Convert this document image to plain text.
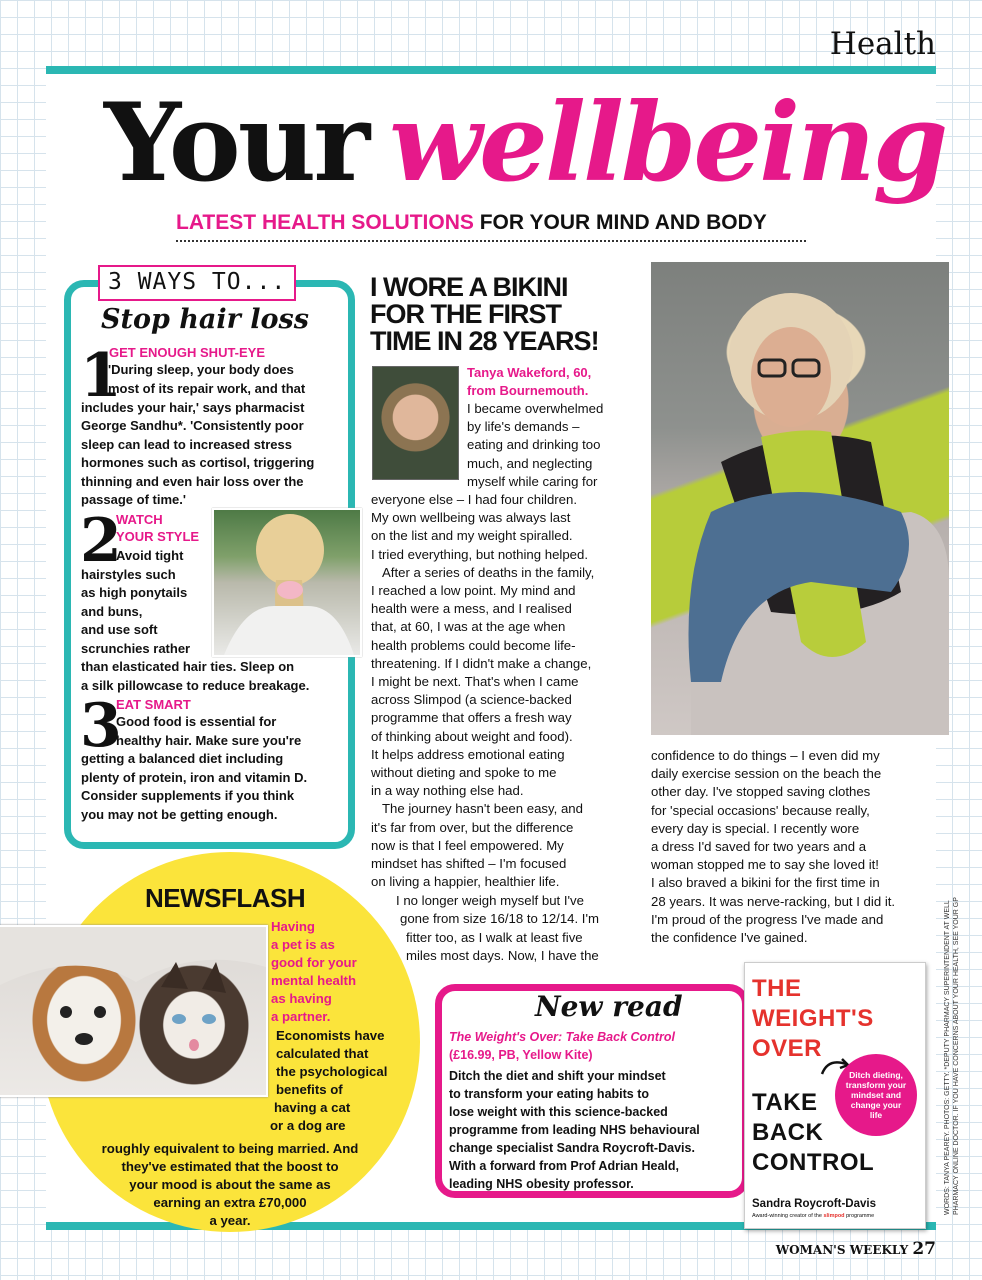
Health
Your wellbeing
LATEST HEALTH SOLUTIONS FOR YOUR MIND AND BODY
3 WAYS TO...
Stop hair loss
1
GET ENOUGH SHUT-EYE
'During sleep, your body does
most of its repair work, and that
includes your hair,' says pharmacist
George Sandhu*. 'Consistently poor
sleep can lead to increased stress
hormones such as cortisol, triggering
thinning and even hair loss over the
passage of time.'
2
WATCH
YOUR STYLE
Avoid tight
hairstyles such
as high ponytails
and buns,
and use soft
scrunchies rather
than elasticated hair ties. Sleep on
a silk pillowcase to reduce breakage.
3
EAT SMART
Good food is essential for
healthy hair. Make sure you're
getting a balanced diet including
plenty of protein, iron and vitamin D.
Consider supplements if you think
you may not be getting enough.
I WORE A BIKINI
FOR THE FIRST
TIME IN 28 YEARS!
Tanya Wakeford, 60,
from Bournemouth.
I became overwhelmed
by life's demands –
eating and drinking too
much, and neglecting
myself while caring for
everyone else – I had four children.
My own wellbeing was always last
on the list and my weight spiralled.
I tried everything, but nothing helped.
After a series of deaths in the family,
I reached a low point. My mind and
health were a mess, and I realised
that, at 60, I was at the age when
health problems could become life-
threatening. If I didn't make a change,
I might be next. That's when I came
across Slimpod (a science-backed
programme that offers a fresh way
of thinking about weight and food).
It helps address emotional eating
without dieting and spoke to me
in a way nothing else had.
The journey hasn't been easy, and
it's far from over, but the difference
now is that I feel empowered. My
mindset has shifted – I'm focused
on living a happier, healthier life.
I no longer weigh myself but I've
gone from size 16/18 to 12/14. I'm
fitter too, as I walk at least five
miles most days. Now, I have the
confidence to do things – I even did my
daily exercise session on the beach the
other day. I've stopped saving clothes
for 'special occasions' because really,
every day is special. I recently wore
a dress I'd saved for two years and a
woman stopped me to say she loved it!
I also braved a bikini for the first time in
28 years. It was nerve-racking, but I did it.
I'm proud of the progress I've made and
the confidence I've gained.
NEWSFLASH
Having
a pet is as
good for your
mental health
as having
a partner.
Economists have
calculated that
the psychological
benefits of
having a cat
or a dog are
roughly equivalent to being married. And
they've estimated that the boost to
your mood is about the same as
earning an extra £70,000
a year.
New read
The Weight's Over: Take Back Control
(£16.99, PB, Yellow Kite)
Ditch the diet and shift your mindset
to transform your eating habits to
lose weight with this science-backed
programme from leading NHS behavioural
change specialist Sandra Roycroft-Davis.
With a forward from Prof Adrian Heald,
leading NHS obesity professor.
THE
WEIGHT'S
OVER
TAKE
BACK
CONTROL
Ditch dieting, transform your mindset and change your life
Sandra Roycroft-Davis
Award-winning creator of the slimpod programme
WORDS: TANYA PEAREY. PHOTOS: GETTY. *DEPUTY PHARMACY SUPERINTENDENT AT WELL PHARMACY ONLINE DOCTOR. IF YOU HAVE CONCERNS ABOUT YOUR HEALTH, SEE YOUR GP
WOMAN'S WEEKLY 27
